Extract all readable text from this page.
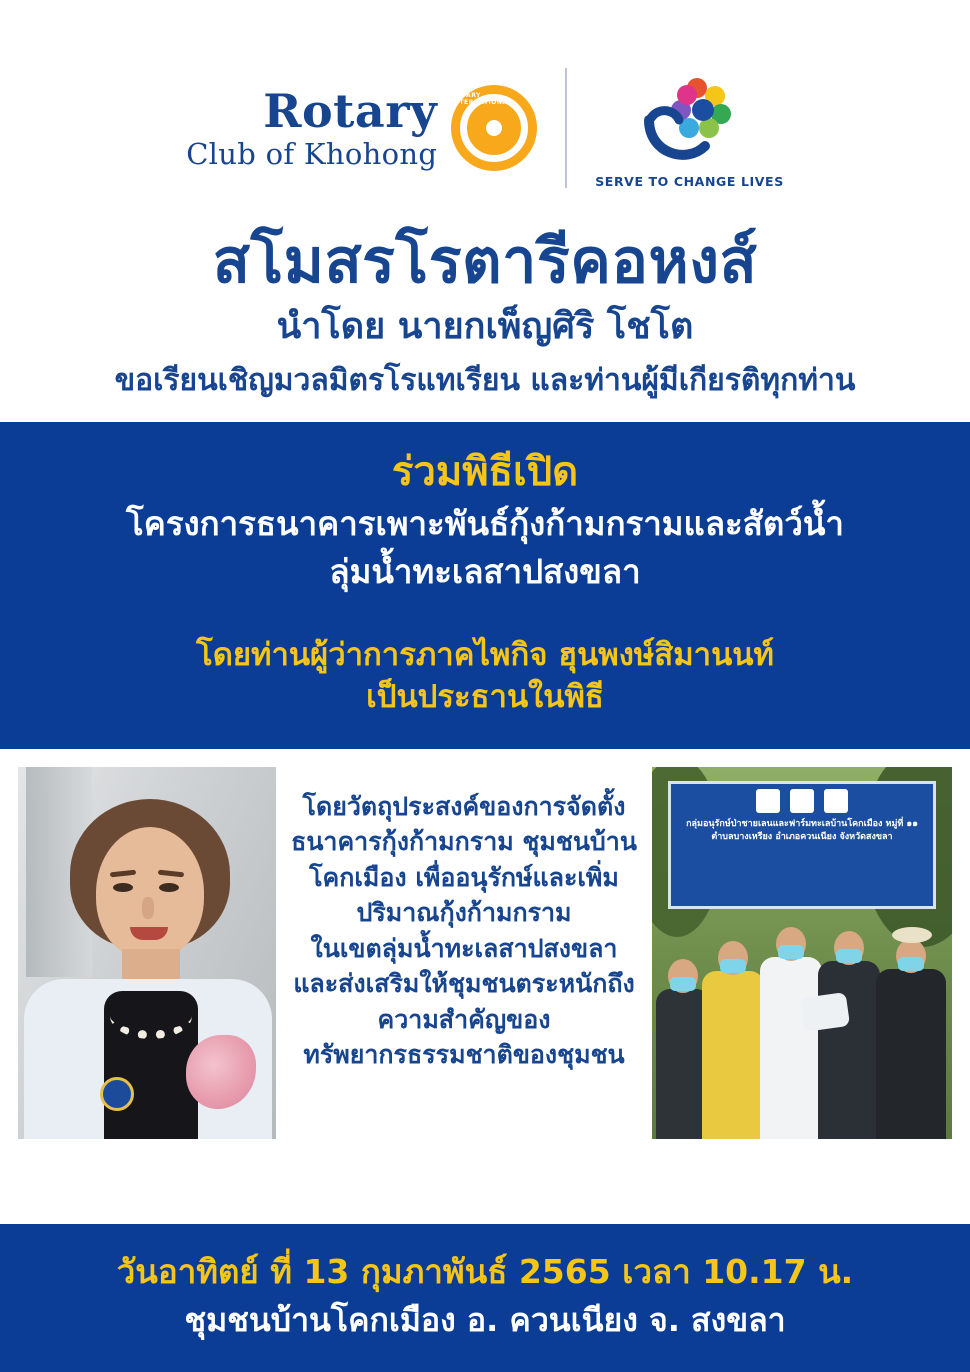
Rotary
Club of Khohong
ROTARY INTERNATIONAL
SERVE TO CHANGE LIVES
สโมสรโรตารีคอหงส์
นำโดย นายกเพ็ญศิริ โชโต
ขอเรียนเชิญมวลมิตรโรแทเรียน และท่านผู้มีเกียรติทุกท่าน
ร่วมพิธีเปิด
โครงการธนาคารเพาะพันธ์กุ้งก้ามกรามและสัตว์น้ำ
ลุ่มน้ำทะเลสาปสงขลา
โดยท่านผู้ว่าการภาคไพกิจ ฮุนพงษ์สิมานนท์
เป็นประธานในพิธี
โดยวัตถุประสงค์ของการจัดตั้ง
ธนาคารกุ้งก้ามกราม ชุมชนบ้าน
โคกเมือง เพื่ออนุรักษ์และเพิ่ม
ปริมาณกุ้งก้ามกราม
ในเขตลุ่มน้ำทะเลสาปสงขลา
และส่งเสริมให้ชุมชนตระหนักถึง
ความสำคัญของ
ทรัพยากรธรรมชาติของชุมชน
กลุ่มอนุรักษ์ป่าชายเลนและฟาร์มทะเลบ้านโคกเมือง หมู่ที่ ๑๑ ตำบลบางเหรียง อำเภอควนเนียง จังหวัดสงขลา
วันอาทิตย์ ที่ 13 กุมภาพันธ์ 2565 เวลา 10.17 น.
ชุมชนบ้านโคกเมือง อ. ควนเนียง จ. สงขลา
